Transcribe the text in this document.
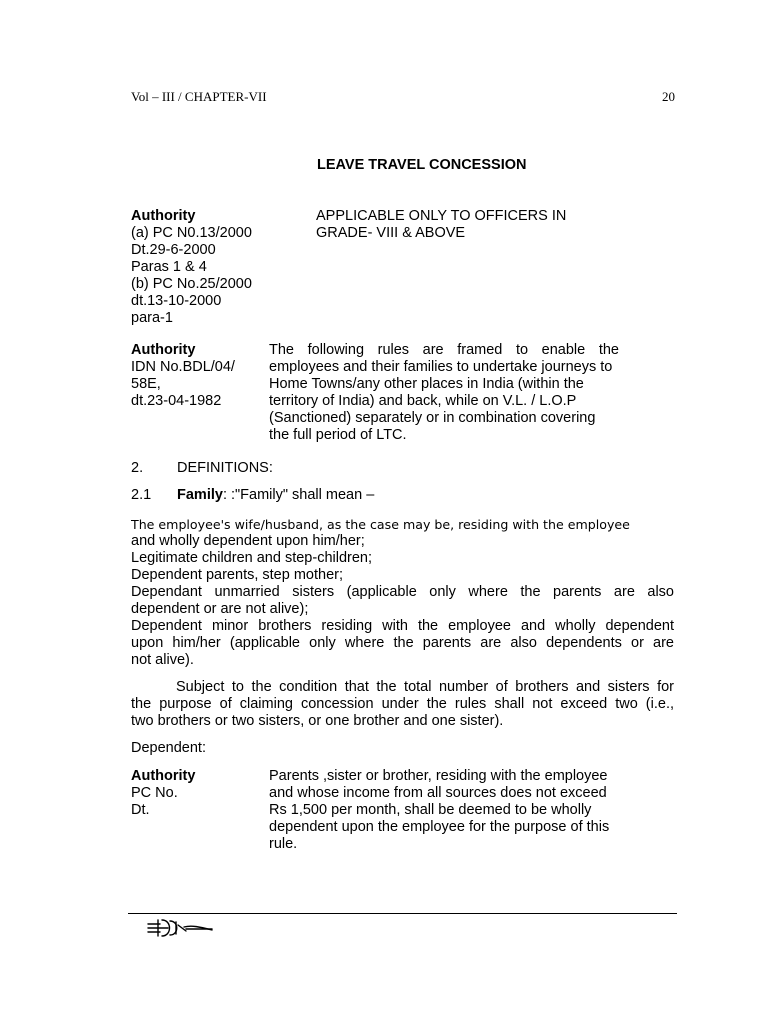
Vol – III / CHAPTER-VII	20
LEAVE TRAVEL CONCESSION
Authority
(a) PC N0.13/2000
Dt.29-6-2000
Paras 1 & 4
(b) PC No.25/2000
dt.13-10-2000
para-1
APPLICABLE ONLY TO OFFICERS IN
GRADE- VIII & ABOVE
Authority
IDN No.BDL/04/
58E,
dt.23-04-1982
The following rules are framed to enable the
employees and their families to undertake journeys to
Home Towns/any other places in India (within the
territory of India) and back, while on V.L. / L.O.P
(Sanctioned) separately or in combination covering
the full period of LTC.
2. DEFINITIONS:
2.1 Family: :"Family" shall mean –
The employee's wife/husband, as the case may be, residing with the employee
and wholly dependent upon him/her;
Legitimate children and step-children;
Dependent parents, step mother;
Dependant unmarried sisters (applicable only where the parents are also
dependent or are not alive);
Dependent minor brothers residing with the employee and wholly dependent
upon him/her (applicable only where the parents are also dependents or are
not alive).
Subject to the condition that the total number of brothers and sisters for
the purpose of claiming concession under the rules shall not exceed two (i.e.,
two brothers or two sisters, or one brother and one sister).
Dependent:
Authority
PC No.
Dt.
Parents ,sister or brother, residing with the employee
and whose income from all sources does not exceed
Rs 1,500 per month, shall be deemed to be wholly
dependent upon the employee for the purpose of this
rule.
